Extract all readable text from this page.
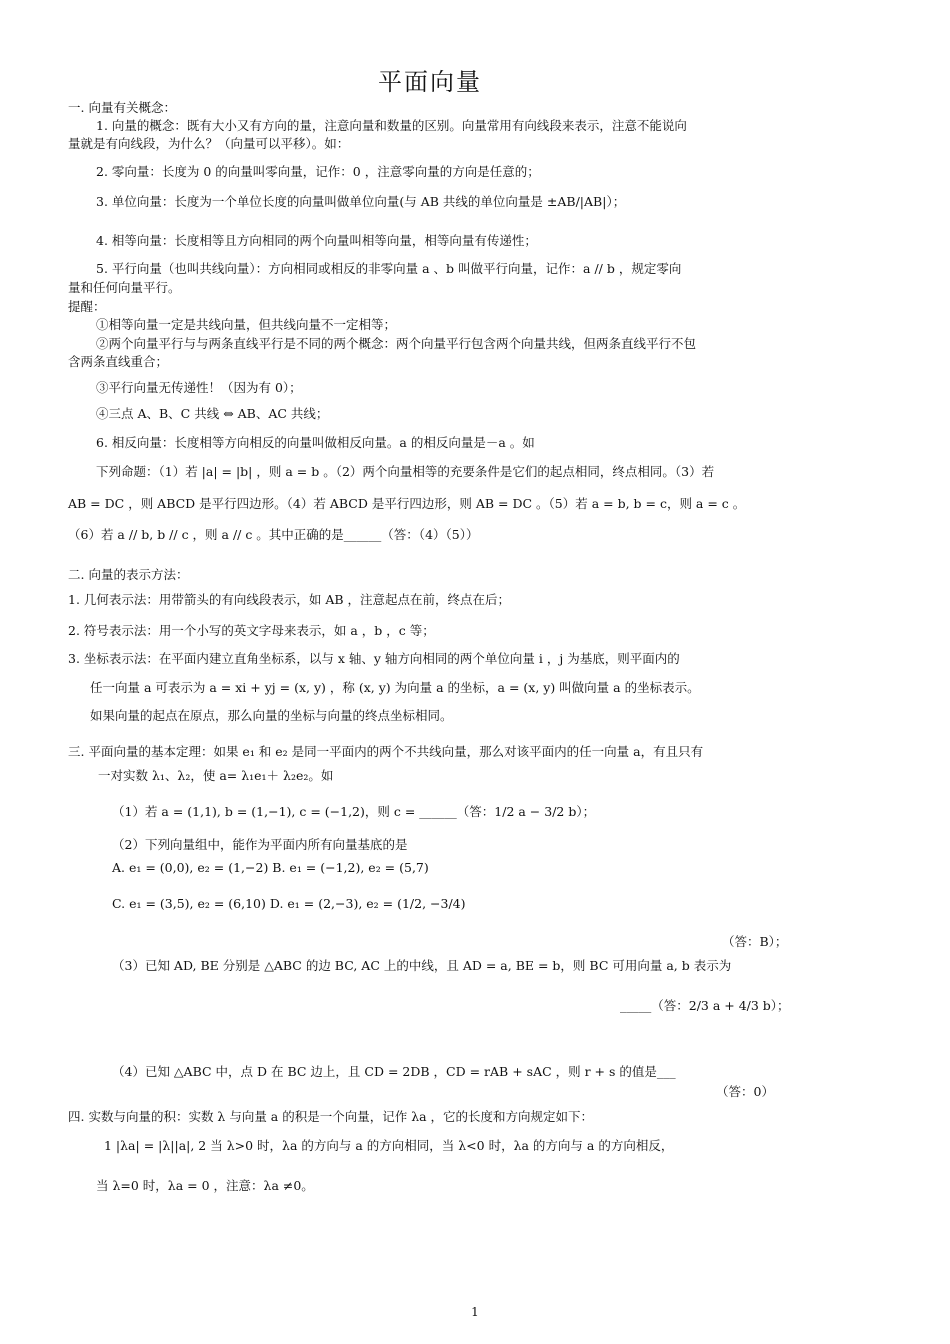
平面向量
一. 向量有关概念：
1. 向量的概念：既有大小又有方向的量，注意向量和数量的区别。向量常用有向线段来表示，注意不能说向
量就是有向线段，为什么？（向量可以平移）。如：
2. 零向量：长度为 0 的向量叫零向量，记作：0 ，注意零向量的方向是任意的；
3. 单位向量：长度为一个单位长度的向量叫做单位向量(与 AB 共线的单位向量是 ±AB/|AB|）；
4. 相等向量：长度相等且方向相同的两个向量叫相等向量，相等向量有传递性；
5. 平行向量（也叫共线向量）：方向相同或相反的非零向量 a 、b 叫做平行向量，记作：a // b ，规定零向
量和任何向量平行。
提醒：
①相等向量一定是共线向量，但共线向量不一定相等；
②两个向量平行与与两条直线平行是不同的两个概念：两个向量平行包含两个向量共线，但两条直线平行不包
含两条直线重合；
③平行向量无传递性！（因为有 0）；
④三点 A、B、C 共线 ⇔ AB、AC 共线；
6. 相反向量：长度相等方向相反的向量叫做相反向量。a 的相反向量是－a 。如
下列命题：（1）若 |a| = |b| ，则 a = b 。（2）两个向量相等的充要条件是它们的起点相同，终点相同。（3）若
AB = DC ，则 ABCD 是平行四边形。（4）若 ABCD 是平行四边形，则 AB = DC 。（5）若 a = b, b = c，则 a = c 。
（6）若 a // b, b // c ，则 a // c 。其中正确的是______（答：（4）（5））
二. 向量的表示方法：
1. 几何表示法：用带箭头的有向线段表示，如 AB ，注意起点在前，终点在后；
2. 符号表示法：用一个小写的英文字母来表示，如 a ，b ，c 等；
3. 坐标表示法：在平面内建立直角坐标系，以与 x 轴、y 轴方向相同的两个单位向量 i ，j 为基底，则平面内的
任一向量 a 可表示为 a = xi + yj = (x, y) ，称 (x, y) 为向量 a 的坐标，a = (x, y) 叫做向量 a 的坐标表示。
如果向量的起点在原点，那么向量的坐标与向量的终点坐标相同。
三. 平面向量的基本定理：如果 e₁ 和 e₂ 是同一平面内的两个不共线向量，那么对该平面内的任一向量 a，有且只有
一对实数 λ₁、λ₂，使 a= λ₁e₁＋ λ₂e₂。如
（1）若 a = (1,1), b = (1,−1), c = (−1,2)，则 c = ______（答：1/2 a − 3/2 b）；
（2）下列向量组中，能作为平面内所有向量基底的是
A. e₁ = (0,0), e₂ = (1,−2) B. e₁ = (−1,2), e₂ = (5,7)
C. e₁ = (3,5), e₂ = (6,10) D. e₁ = (2,−3), e₂ = (1/2, −3/4)
（3）已知 AD, BE 分别是 △ABC 的边 BC, AC 上的中线，且 AD = a, BE = b，则 BC 可用向量 a, b 表示为
_____（答：2/3 a + 4/3 b）；
（4）已知 △ABC 中，点 D 在 BC 边上，且 CD = 2DB ，CD = rAB + sAC ，则 r + s 的值是___
四. 实数与向量的积：实数 λ 与向量 a 的积是一个向量，记作 λa ，它的长度和方向规定如下：
1 |λa| = |λ||a|, 2 当 λ>0 时，λa 的方向与 a 的方向相同，当 λ<0 时，λa 的方向与 a 的方向相反，
当 λ=0 时，λa = 0 ，注意：λa ≠0。
（答：B）；
（答：0）
1
